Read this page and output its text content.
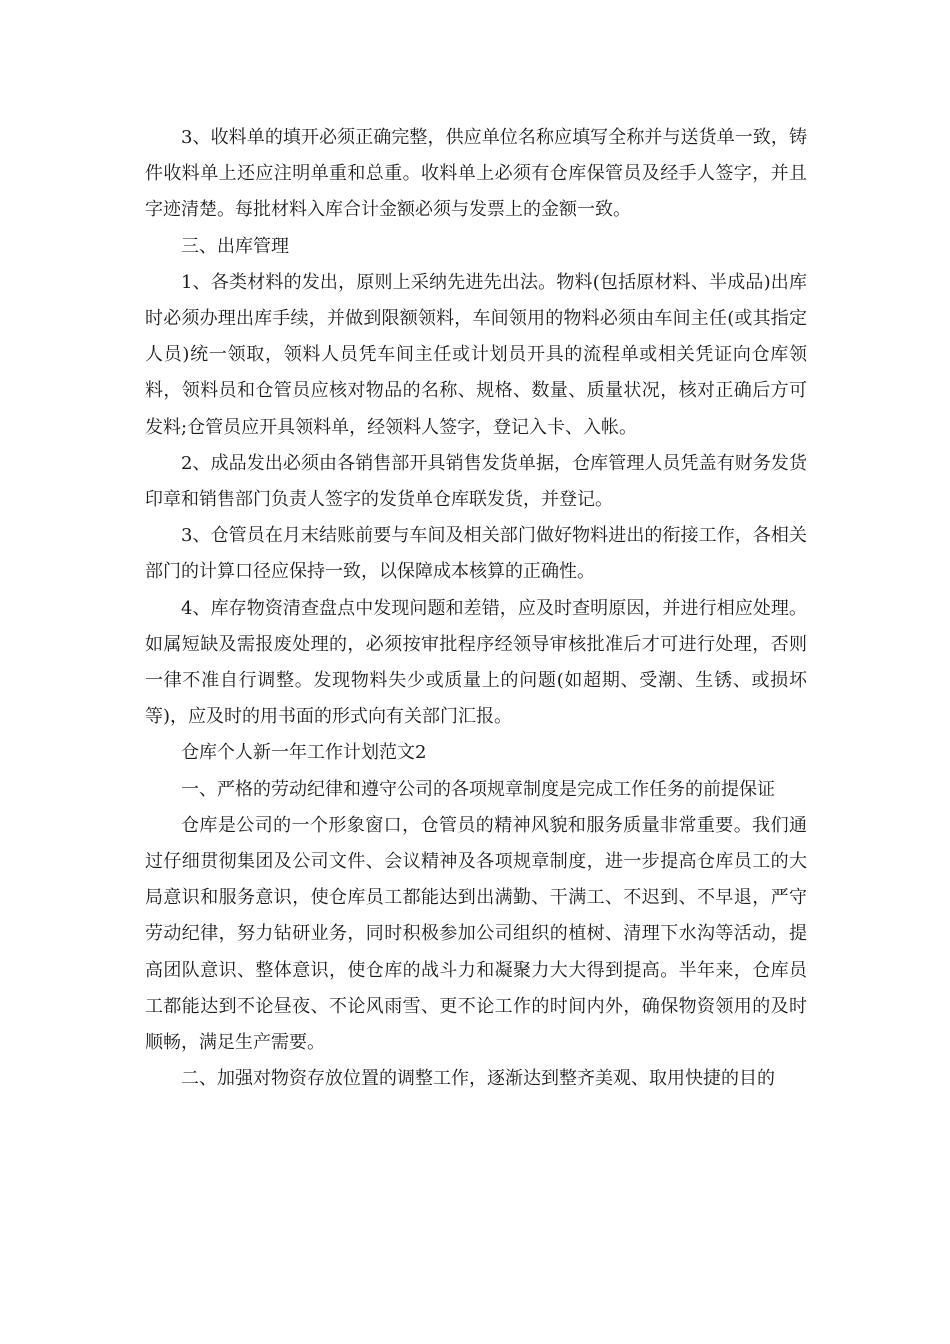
3、收料单的填开必须正确完整，供应单位名称应填写全称并与送货单一致，铸件收料单上还应注明单重和总重。收料单上必须有仓库保管员及经手人签字，并且字迹清楚。每批材料入库合计金额必须与发票上的金额一致。

三、出库管理

1、各类材料的发出，原则上采纳先进先出法。物料(包括原材料、半成品)出库时必须办理出库手续，并做到限额领料，车间领用的物料必须由车间主任(或其指定人员)统一领取，领料人员凭车间主任或计划员开具的流程单或相关凭证向仓库领料，领料员和仓管员应核对物品的名称、规格、数量、质量状况，核对正确后方可发料;仓管员应开具领料单，经领料人签字，登记入卡、入帐。

2、成品发出必须由各销售部开具销售发货单据，仓库管理人员凭盖有财务发货印章和销售部门负责人签字的发货单仓库联发货，并登记。

3、仓管员在月末结账前要与车间及相关部门做好物料进出的衔接工作，各相关部门的计算口径应保持一致，以保障成本核算的正确性。

4、库存物资清查盘点中发现问题和差错，应及时查明原因，并进行相应处理。如属短缺及需报废处理的，必须按审批程序经领导审核批准后才可进行处理，否则一律不准自行调整。发现物料失少或质量上的问题(如超期、受潮、生锈、或损坏等)，应及时的用书面的形式向有关部门汇报。

仓库个人新一年工作计划范文2

一、严格的劳动纪律和遵守公司的各项规章制度是完成工作任务的前提保证

仓库是公司的一个形象窗口，仓管员的精神风貌和服务质量非常重要。我们通过仔细贯彻集团及公司文件、会议精神及各项规章制度，进一步提高仓库员工的大局意识和服务意识，使仓库员工都能达到出满勤、干满工、不迟到、不早退，严守劳动纪律，努力钻研业务，同时积极参加公司组织的植树、清理下水沟等活动，提高团队意识、整体意识，使仓库的战斗力和凝聚力大大得到提高。半年来，仓库员工都能达到不论昼夜、不论风雨雪、更不论工作的时间内外，确保物资领用的及时顺畅，满足生产需要。

二、加强对物资存放位置的调整工作，逐渐达到整齐美观、取用快捷的目的
